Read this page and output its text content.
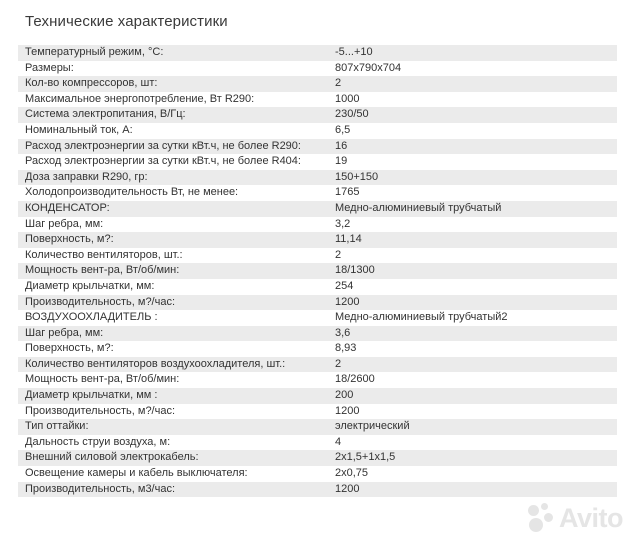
Технические характеристики
Температурный режим, °С:	-5...+10
Размеры:	807x790x704
Кол-во компрессоров, шт:	2
Максимальное энергопотребление, Вт R290:	1000
Система электропитания, В/Гц:	230/50
Номинальный ток, А:	6,5
Расход электроэнергии за сутки кВт.ч, не более R290:	16
Расход электроэнергии за сутки кВт.ч, не более R404:	19
Доза заправки R290, гр:	150+150
Холодопроизводительность Вт, не менее:	1765
КОНДЕНСАТОР:	Медно-алюминиевый трубчатый
Шаг ребра, мм:	3,2
Поверхность, м?:	11,14
Количество вентиляторов, шт.:	2
Мощность вент-ра, Вт/об/мин:	18/1300
Диаметр крыльчатки, мм:	254
Производительность, м?/час:	1200
ВОЗДУХООХЛАДИТЕЛЬ :	Медно-алюминиевый трубчатый2
Шаг ребра, мм:	3,6
Поверхность, м?:	8,93
Количество вентиляторов воздухоохладителя, шт.:	2
Мощность вент-ра, Вт/об/мин:	18/2600
Диаметр крыльчатки, мм :	200
Производительность, м?/час:	1200
Тип оттайки:	электрический
Дальность струи воздуха, м:	4
Внешний силовой электрокабель:	2x1,5+1x1,5
Освещение камеры и кабель выключателя:	2x0,75
Производительность, м3/час:	1200
Avito
